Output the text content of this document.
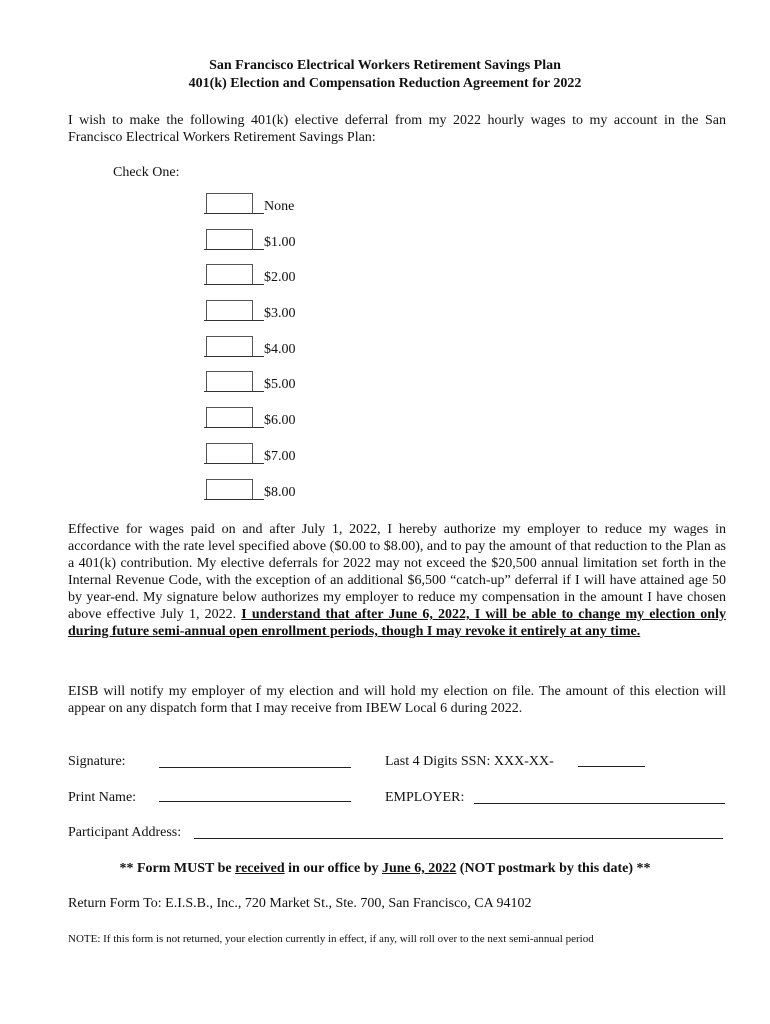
San Francisco Electrical Workers Retirement Savings Plan
401(k) Election and Compensation Reduction Agreement for 2022
I wish to make the following 401(k) elective deferral from my 2022 hourly wages to my account in the San Francisco Electrical Workers Retirement Savings Plan:
Check One:
None
$1.00
$2.00
$3.00
$4.00
$5.00
$6.00
$7.00
$8.00
Effective for wages paid on and after July 1, 2022, I hereby authorize my employer to reduce my wages in accordance with the rate level specified above ($0.00 to $8.00), and to pay the amount of that reduction to the Plan as a 401(k) contribution. My elective deferrals for 2022 may not exceed the $20,500 annual limitation set forth in the Internal Revenue Code, with the exception of an additional $6,500 “catch-up” deferral if I will have attained age 50 by year-end. My signature below authorizes my employer to reduce my compensation in the amount I have chosen above effective July 1, 2022. I understand that after June 6, 2022, I will be able to change my election only during future semi-annual open enrollment periods, though I may revoke it entirely at any time.
EISB will notify my employer of my election and will hold my election on file. The amount of this election will appear on any dispatch form that I may receive from IBEW Local 6 during 2022.
Signature:	Last 4 Digits SSN: XXX-XX-
Print Name:	EMPLOYER:
Participant Address:
** Form MUST be received in our office by June 6, 2022 (NOT postmark by this date) **
Return Form To: E.I.S.B., Inc., 720 Market St., Ste. 700, San Francisco, CA 94102
NOTE: If this form is not returned, your election currently in effect, if any, will roll over to the next semi-annual period
